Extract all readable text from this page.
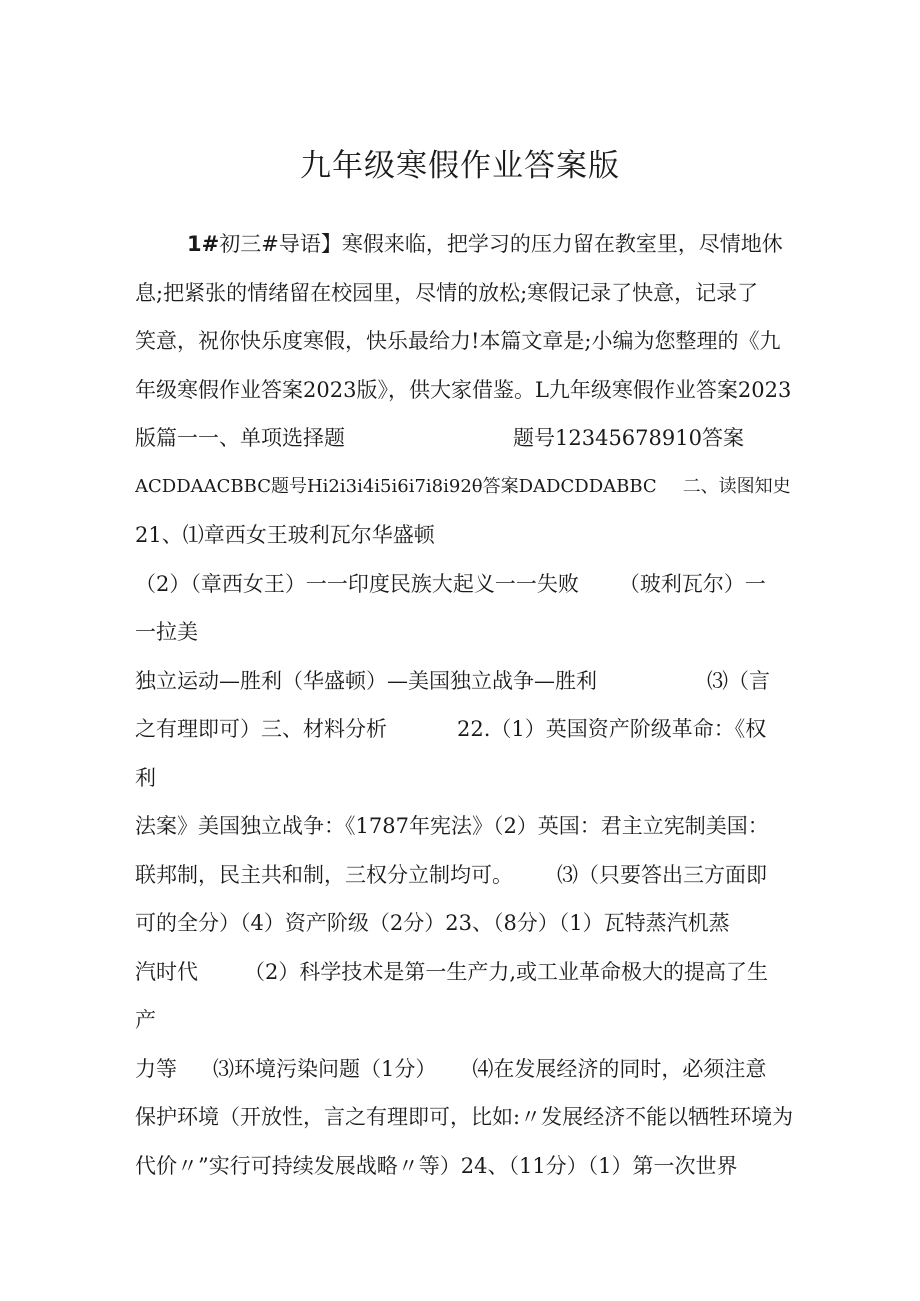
九年级寒假作业答案版
1#初三#导语】寒假来临，把学习的压力留在教室里，尽情地休
息;把紧张的情绪留在校园里，尽情的放松;寒假记录了快意，记录了
笑意，祝你快乐度寒假，快乐最给力!本篇文章是;小编为您整理的《九
年级寒假作业答案2023版》，供大家借鉴。L九年级寒假作业答案2023
版篇一一、单项选择题	题号12345678910答案
ACDDAACBBC题号Hi2i3i4i5i6i7i8i92θ答案DADCDDABBC 二、读图知史
21、⑴章西女王玻利瓦尔华盛顿
（2）（章西女王）一一印度民族大起义一一失败 （玻利瓦尔）一
一拉美
独立运动—胜利（华盛顿）—美国独立战争—胜利	⑶（言
之有理即可）三、材料分析	22.（1）英国资产阶级革命：《权
利
法案》美国独立战争：《1787年宪法》（2）英国：君主立宪制美国：
联邦制，民主共和制，三权分立制均可。 ⑶（只要答出三方面即
可的全分）（4）资产阶级（2分）23、（8分）（1）瓦特蒸汽机蒸
汽时代 （2）科学技术是第一生产力,或工业革命极大的提高了生
产
力等 ⑶环境污染问题（1分） ⑷在发展经济的同时，必须注意
保护环境（开放性，言之有理即可，比如:〃发展经济不能以牺牲环境为
代价〃”实行可持续发展战略〃等）24、（11分）（1）第一次世界
